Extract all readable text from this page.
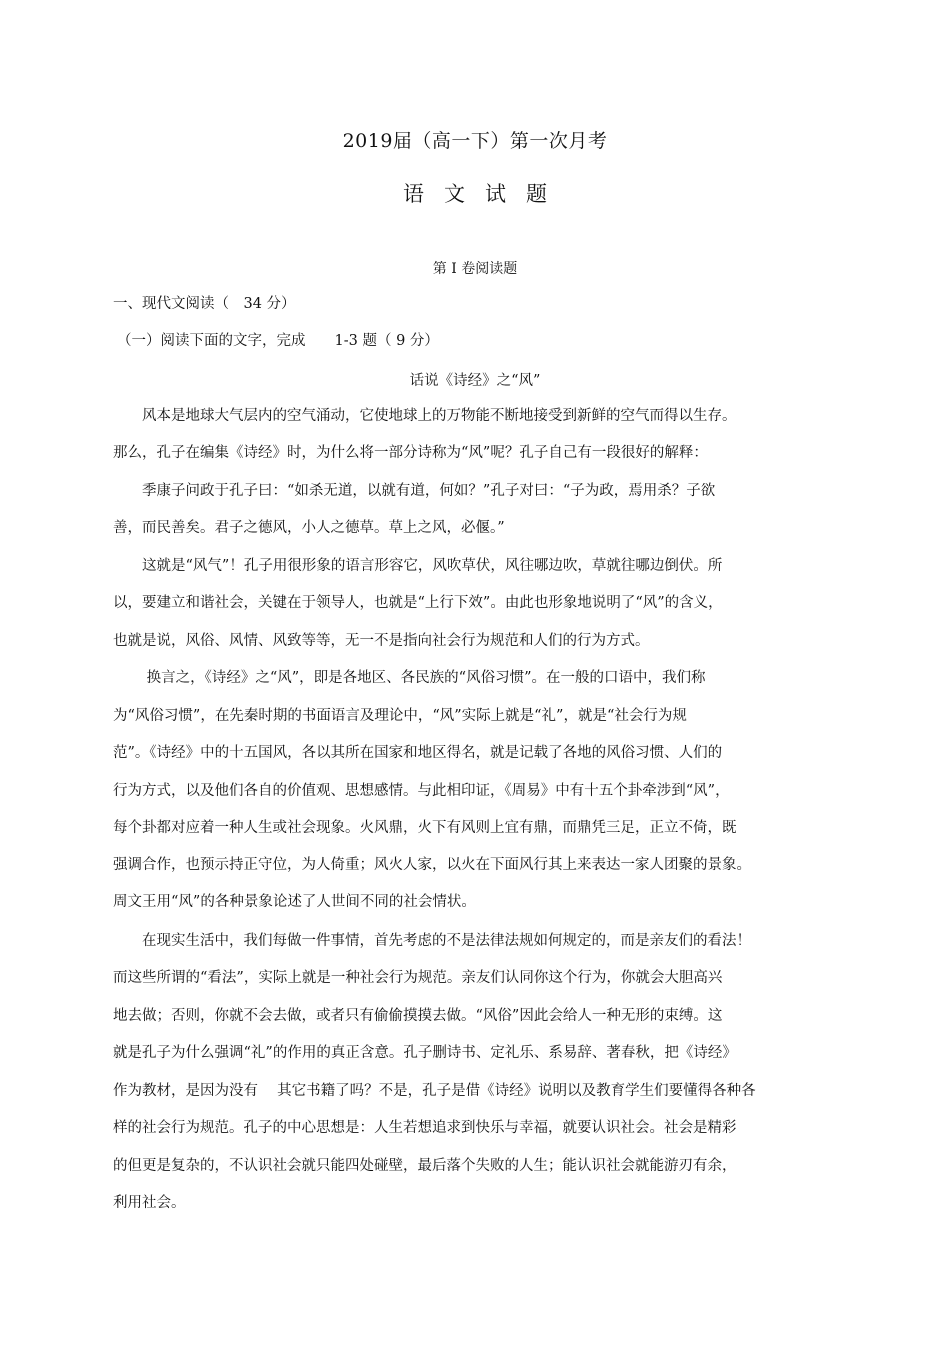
2019届（高一下）第一次月考
语文试题
第 Ⅰ 卷阅读题
一、现代文阅读（　34 分）
（一）阅读下面的文字，完成　　1-3 题（ 9 分）
话说《诗经》之“风”
　　风本是地球大气层内的空气涌动，它使地球上的万物能不断地接受到新鲜的空气而得以生存。
那么，孔子在编集《诗经》时，为什么将一部分诗称为“风”呢？孔子自己有一段很好的解释：
　　季康子问政于孔子曰：“如杀无道，以就有道，何如？”孔子对曰：“子为政，焉用杀？子欲
善，而民善矣。君子之德风，小人之德草。草上之风，必偃。”
　　这就是“风气”！孔子用很形象的语言形容它，风吹草伏，风往哪边吹，草就往哪边倒伏。所
以，要建立和谐社会，关键在于领导人，也就是“上行下效”。由此也形象地说明了“风”的含义，
也就是说，风俗、风情、风致等等，无一不是指向社会行为规范和人们的行为方式。
　　 换言之，《诗经》之“风”，即是各地区、各民族的“风俗习惯”。在一般的口语中，我们称
为“风俗习惯”，在先秦时期的书面语言及理论中，“风”实际上就是“礼”，就是“社会行为规
范”。《诗经》中的十五国风，各以其所在国家和地区得名，就是记载了各地的风俗习惯、人们的
行为方式，以及他们各自的价值观、思想感情。与此相印证，《周易》中有十五个卦牵涉到“风”，
每个卦都对应着一种人生或社会现象。火风鼎，火下有风则上宜有鼎，而鼎凭三足，正立不倚，既
强调合作，也预示持正守位，为人倚重；风火人家，以火在下面风行其上来表达一家人团聚的景象。
周文王用“风”的各种景象论述了人世间不同的社会情状。
　　在现实生活中，我们每做一件事情，首先考虑的不是法律法规如何规定的，而是亲友们的看法！
而这些所谓的“看法”，实际上就是一种社会行为规范。亲友们认同你这个行为，你就会大胆高兴
地去做；否则，你就不会去做，或者只有偷偷摸摸去做。“风俗”因此会给人一种无形的束缚。这
就是孔子为什么强调“礼”的作用的真正含意。孔子删诗书、定礼乐、系易辞、著春秋，把《诗经》
作为教材，是因为没有　 其它书籍了吗？不是，孔子是借《诗经》说明以及教育学生们要懂得各种各
样的社会行为规范。孔子的中心思想是：人生若想追求到快乐与幸福，就要认识社会。社会是精彩
的但更是复杂的，不认识社会就只能四处碰壁，最后落个失败的人生；能认识社会就能游刃有余，
利用社会。
